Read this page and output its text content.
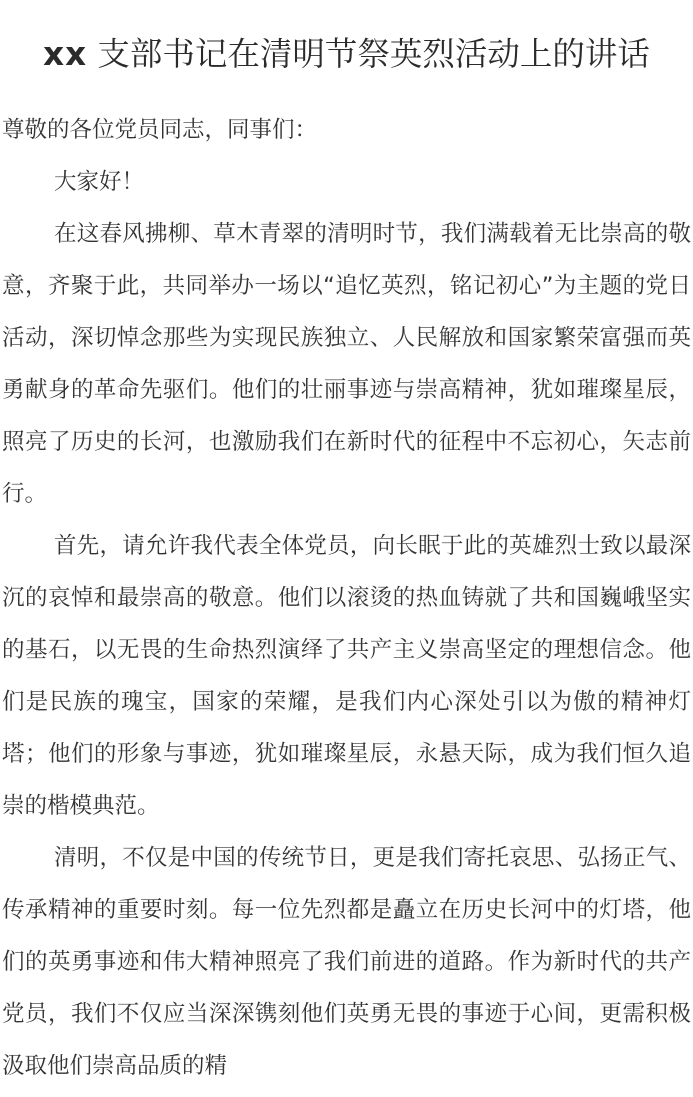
xx 支部书记在清明节祭英烈活动上的讲话

尊敬的各位党员同志，同事们：

大家好！

在这春风拂柳、草木青翠的清明时节，我们满载着无比崇高的敬意，齐聚于此，共同举办一场以“追忆英烈，铭记初心”为主题的党日活动，深切悼念那些为实现民族独立、人民解放和国家繁荣富强而英勇献身的革命先驱们。他们的壮丽事迹与崇高精神，犹如璀璨星辰，照亮了历史的长河，也激励我们在新时代的征程中不忘初心，矢志前行。

首先，请允许我代表全体党员，向长眠于此的英雄烈士致以最深沉的哀悼和最崇高的敬意。他们以滚烫的热血铸就了共和国巍峨坚实的基石，以无畏的生命热烈演绎了共产主义崇高坚定的理想信念。他们是民族的瑰宝，国家的荣耀，是我们内心深处引以为傲的精神灯塔；他们的形象与事迹，犹如璀璨星辰，永悬天际，成为我们恒久追崇的楷模典范。

清明，不仅是中国的传统节日，更是我们寄托哀思、弘扬正气、传承精神的重要时刻。每一位先烈都是矗立在历史长河中的灯塔，他们的英勇事迹和伟大精神照亮了我们前进的道路。作为新时代的共产党员，我们不仅应当深深镌刻他们英勇无畏的事迹于心间，更需积极汲取他们崇高品质的精
